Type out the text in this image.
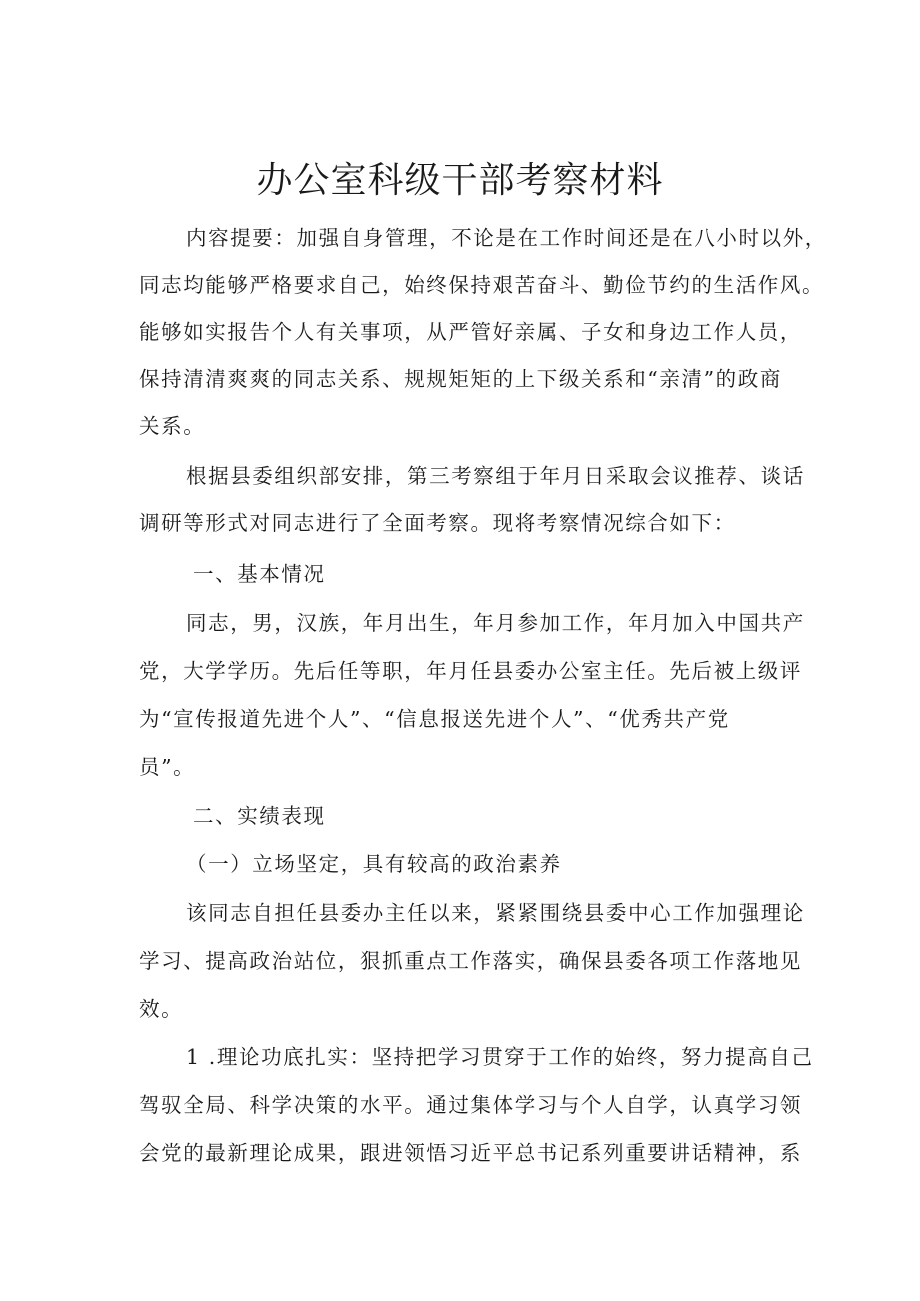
办公室科级干部考察材料
内容提要：加强自身管理，不论是在工作时间还是在八小时以外，
同志均能够严格要求自己，始终保持艰苦奋斗、勤俭节约的生活作风。
能够如实报告个人有关事项，从严管好亲属、子女和身边工作人员，
保持清清爽爽的同志关系、规规矩矩的上下级关系和“亲清”的政商
关系。
根据县委组织部安排，第三考察组于年月日采取会议推荐、谈话
调研等形式对同志进行了全面考察。现将考察情况综合如下：
一、基本情况
同志，男，汉族，年月出生，年月参加工作，年月加入中国共产
党，大学学历。先后任等职，年月任县委办公室主任。先后被上级评
为“宣传报道先进个人”、“信息报送先进个人”、“优秀共产党
员”。
二、实绩表现
（一）立场坚定，具有较高的政治素养
该同志自担任县委办主任以来，紧紧围绕县委中心工作加强理论
学习、提高政治站位，狠抓重点工作落实，确保县委各项工作落地见
效。
1 .理论功底扎实：坚持把学习贯穿于工作的始终，努力提高自己
驾驭全局、科学决策的水平。通过集体学习与个人自学，认真学习领
会党的最新理论成果，跟进领悟习近平总书记系列重要讲话精神，系
